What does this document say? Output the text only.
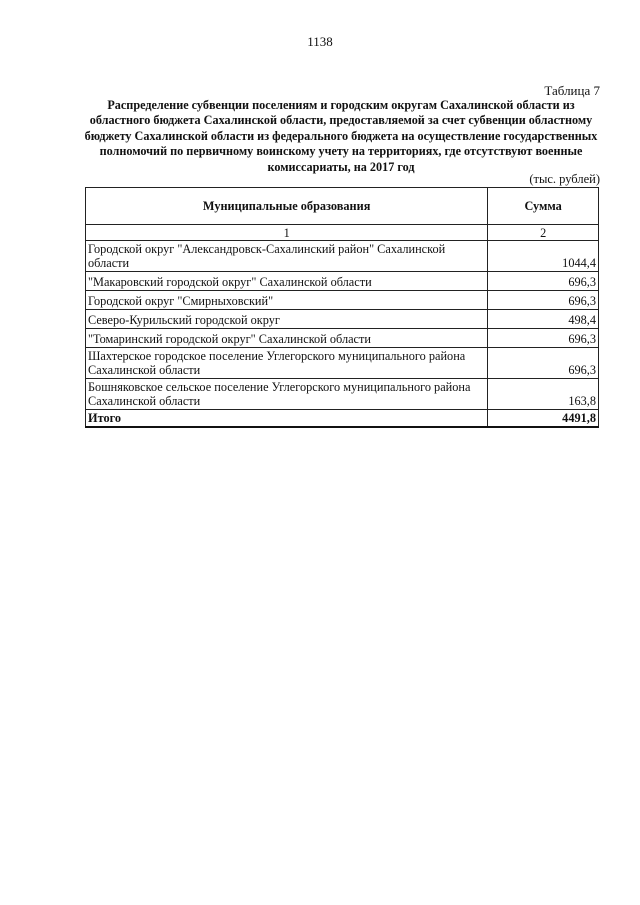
1138
Таблица 7

Распределение субвенции поселениям и городским округам Сахалинской области из областного бюджета Сахалинской области, предоставляемой за счет субвенции областному бюджету Сахалинской области из федерального бюджета на осуществление государственных полномочий по первичному воинскому учету на территориях, где отсутствуют военные комиссариаты, на 2017 год

(тыс. рублей)
Муниципальные образования	Сумма
1	2
Городской округ "Александровск-Сахалинский район" Сахалинской области	1044,4
"Макаровский городской округ" Сахалинской области	696,3
Городской округ "Смирныховский"	696,3
Северо-Курильский городской округ	498,4
"Томаринский городской округ" Сахалинской области	696,3
Шахтерское городское поселение Углегорского муниципального района Сахалинской области	696,3
Бошняковское сельское поселение Углегорского муниципального района Сахалинской области	163,8
Итого	4491,8
